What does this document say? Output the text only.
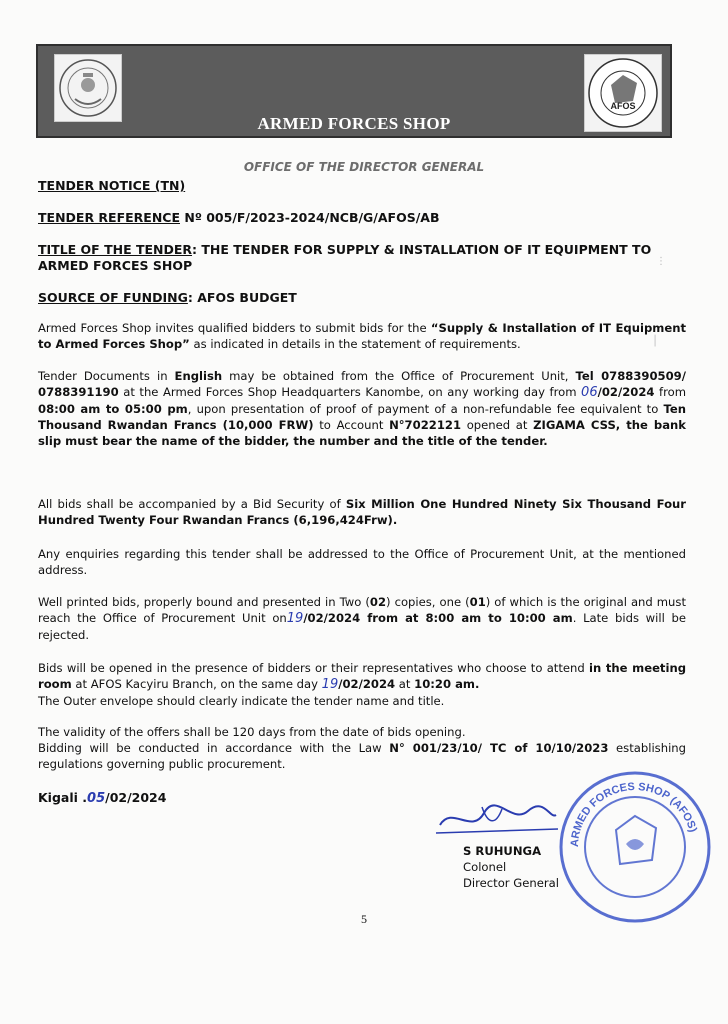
ARMED FORCES SHOP
AFOS
OFFICE OF THE DIRECTOR GENERAL
TENDER NOTICE (TN)
TENDER REFERENCE Nº 005/F/2023-2024/NCB/G/AFOS/AB
TITLE OF THE TENDER: THE TENDER FOR SUPPLY & INSTALLATION OF IT EQUIPMENT TO
ARMED FORCES SHOP
SOURCE OF FUNDING: AFOS BUDGET
Armed Forces Shop invites qualified bidders to submit bids for the “Supply & Installation of IT Equipment to Armed Forces Shop” as indicated in details in the statement of requirements.
Tender Documents in English may be obtained from the Office of Procurement Unit, Tel 0788390509/ 0788391190 at the Armed Forces Shop Headquarters Kanombe, on any working day from 06/02/2024 from 08:00 am to 05:00 pm, upon presentation of proof of payment of a non-refundable fee equivalent to Ten Thousand Rwandan Francs (10,000 FRW) to Account N°7022121 opened at ZIGAMA CSS, the bank slip must bear the name of the bidder, the number and the title of the tender.
All bids shall be accompanied by a Bid Security of Six Million One Hundred Ninety Six Thousand Four Hundred Twenty Four Rwandan Francs (6,196,424Frw).
Any enquiries regarding this tender shall be addressed to the Office of Procurement Unit, at the mentioned address.
Well printed bids, properly bound and presented in Two (02) copies, one (01) of which is the original and must reach the Office of Procurement Unit on19/02/2024 from at 8:00 am to 10:00 am. Late bids will be rejected.
Bids will be opened in the presence of bidders or their representatives who choose to attend in the meeting room at AFOS Kacyiru Branch, on the same day 19/02/2024 at 10:20 am.
The Outer envelope should clearly indicate the tender name and title.
The validity of the offers shall be 120 days from the date of bids opening.
Bidding will be conducted in accordance with the Law N° 001/23/10/ TC of 10/10/2023 establishing regulations governing public procurement.
Kigali .05/02/2024
S RUHUNGA
Colonel
Director General
ARMED FORCES SHOP (AFOS)
5
⋮
│
